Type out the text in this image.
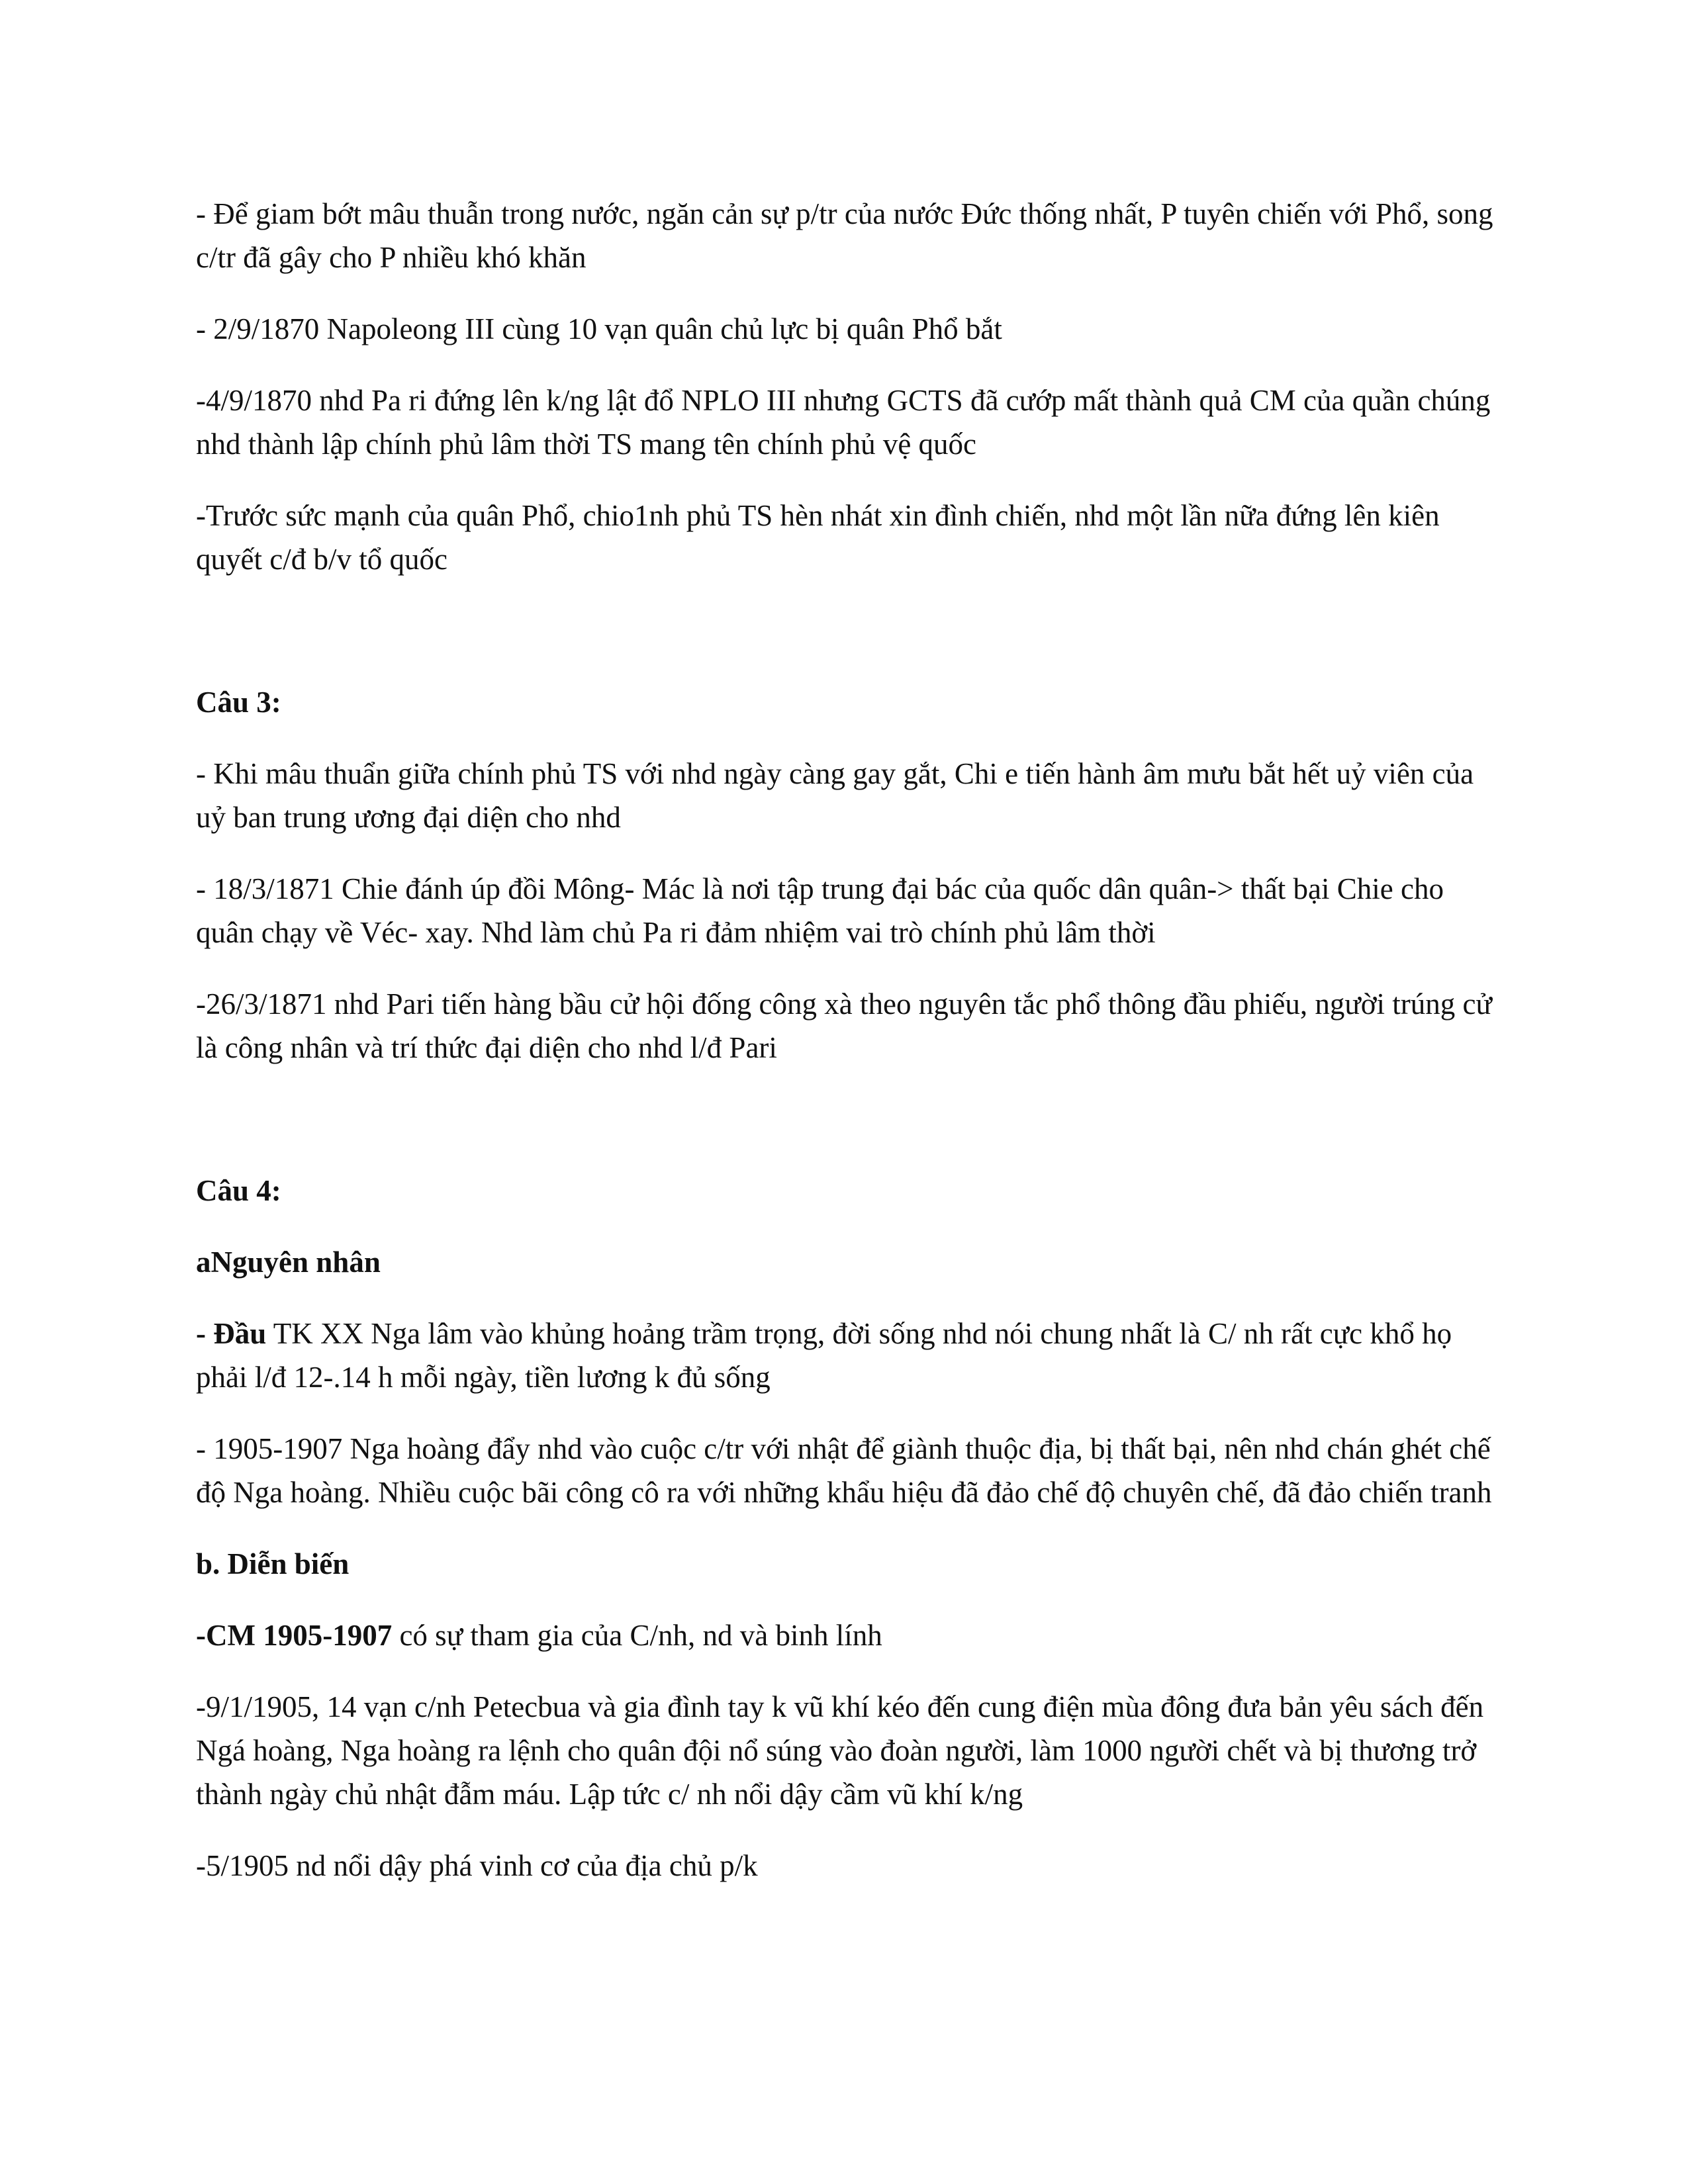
- Để giam bớt mâu thuẫn trong nước, ngăn cản sự p/tr của nước Đức thống nhất, P tuyên chiến với Phổ, song c/tr đã gây cho P nhiều khó khăn

- 2/9/1870 Napoleong III cùng 10 vạn quân chủ lực bị quân Phổ bắt

-4/9/1870 nhd Pa ri đứng lên k/ng lật đổ NPLO III nhưng GCTS đã cướp mất thành quả CM của quần chúng nhd thành lập chính phủ lâm thời TS mang tên chính phủ vệ quốc

-Trước sức mạnh của quân Phổ, chio1nh phủ TS hèn nhát xin đình chiến, nhd một lần nữa đứng lên kiên quyết c/đ b/v tổ quốc

Câu 3:

- Khi mâu thuẩn giữa chính phủ TS với nhd ngày càng gay gắt, Chi e tiến hành âm mưu bắt hết uỷ viên của uỷ ban trung ương đại diện cho nhd

- 18/3/1871 Chie đánh úp đồi Mông- Mác là nơi tập trung đại bác của quốc dân quân-> thất bại Chie cho quân chạy về Véc- xay. Nhd làm chủ Pa ri đảm nhiệm vai trò chính phủ lâm thời

-26/3/1871 nhd Pari tiến hàng bầu cử hội đống công xà theo nguyên tắc phổ thông đầu phiếu, người trúng cử là công nhân và trí thức đại diện cho nhd l/đ Pari

Câu 4:

aNguyên nhân

- Đầu TK XX Nga lâm vào khủng hoảng trầm trọng, đời sống nhd nói chung nhất là C/ nh rất cực khổ họ phải l/đ 12-.14 h mỗi ngày, tiền lương k đủ sống

- 1905-1907 Nga hoàng đẩy nhd vào cuộc c/tr với nhật để giành thuộc địa, bị thất bại, nên nhd chán ghét chế độ Nga hoàng. Nhiều cuộc bãi công cô ra với những khẩu hiệu đã đảo chế độ chuyên chế, đã đảo chiến tranh

b. Diễn biến

-CM 1905-1907 có sự tham gia của C/nh, nd và binh lính

-9/1/1905, 14 vạn c/nh Petecbua và gia đình tay k vũ khí kéo đến cung điện mùa đông đưa bản yêu sách đến Ngá hoàng, Nga hoàng ra lệnh cho quân đội nổ súng vào đoàn người, làm 1000 người chết và bị thương trở thành ngày chủ nhật đẫm máu. Lập tức c/ nh nổi dậy cầm vũ khí k/ng

-5/1905 nd nổi dậy phá vinh cơ của địa chủ p/k
